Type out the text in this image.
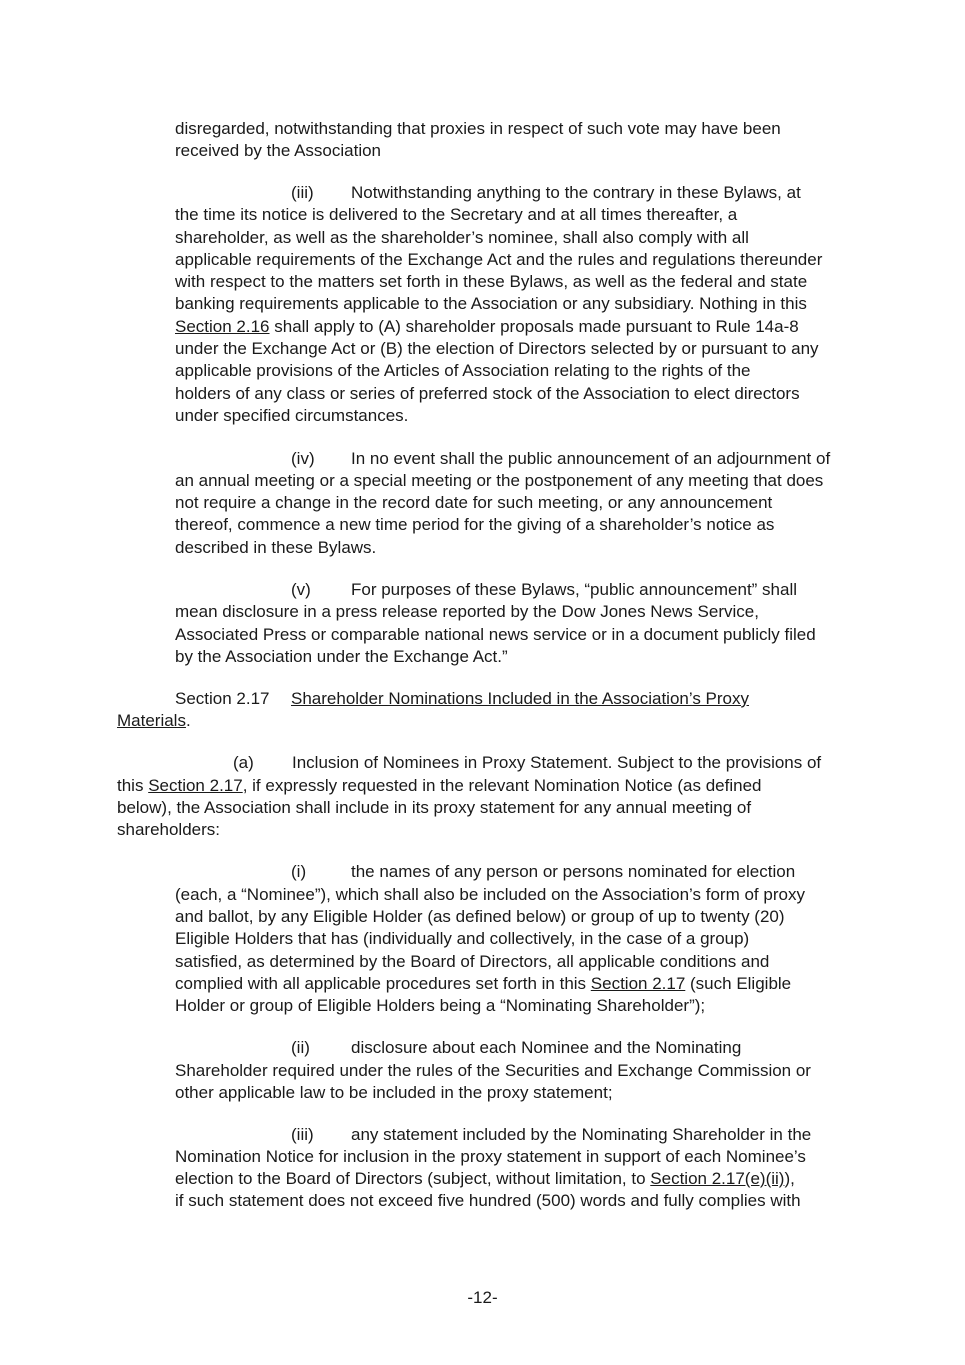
disregarded, notwithstanding that proxies in respect of such vote may have been
received by the Association
(iii) Notwithstanding anything to the contrary in these Bylaws, at
the time its notice is delivered to the Secretary and at all times thereafter, a
shareholder, as well as the shareholder’s nominee, shall also comply with all
applicable requirements of the Exchange Act and the rules and regulations thereunder
with respect to the matters set forth in these Bylaws, as well as the federal and state
banking requirements applicable to the Association or any subsidiary. Nothing in this
Section 2.16 shall apply to (A) shareholder proposals made pursuant to Rule 14a-8
under the Exchange Act or (B) the election of Directors selected by or pursuant to any
applicable provisions of the Articles of Association relating to the rights of the
holders of any class or series of preferred stock of the Association to elect directors
under specified circumstances.
(iv) In no event shall the public announcement of an adjournment of
an annual meeting or a special meeting or the postponement of any meeting that does
not require a change in the record date for such meeting, or any announcement
thereof, commence a new time period for the giving of a shareholder’s notice as
described in these Bylaws.
(v) For purposes of these Bylaws, “public announcement” shall
mean disclosure in a press release reported by the Dow Jones News Service,
Associated Press or comparable national news service or in a document publicly filed
by the Association under the Exchange Act.”
Section 2.17 Shareholder Nominations Included in the Association’s Proxy
Materials.
(a) Inclusion of Nominees in Proxy Statement. Subject to the provisions of
this Section 2.17, if expressly requested in the relevant Nomination Notice (as defined
below), the Association shall include in its proxy statement for any annual meeting of
shareholders:
(i)	the names of any person or persons nominated for election
(each, a “Nominee”), which shall also be included on the Association’s form of proxy
and ballot, by any Eligible Holder (as defined below) or group of up to twenty (20)
Eligible Holders that has (individually and collectively, in the case of a group)
satisfied, as determined by the Board of Directors, all applicable conditions and
complied with all applicable procedures set forth in this Section 2.17 (such Eligible
Holder or group of Eligible Holders being a “Nominating Shareholder”);
(ii) disclosure about each Nominee and the Nominating
Shareholder required under the rules of the Securities and Exchange Commission or
other applicable law to be included in the proxy statement;
(iii) any statement included by the Nominating Shareholder in the
Nomination Notice for inclusion in the proxy statement in support of each Nominee’s
election to the Board of Directors (subject, without limitation, to Section 2.17(e)(ii)),
if such statement does not exceed five hundred (500) words and fully complies with
-12-
